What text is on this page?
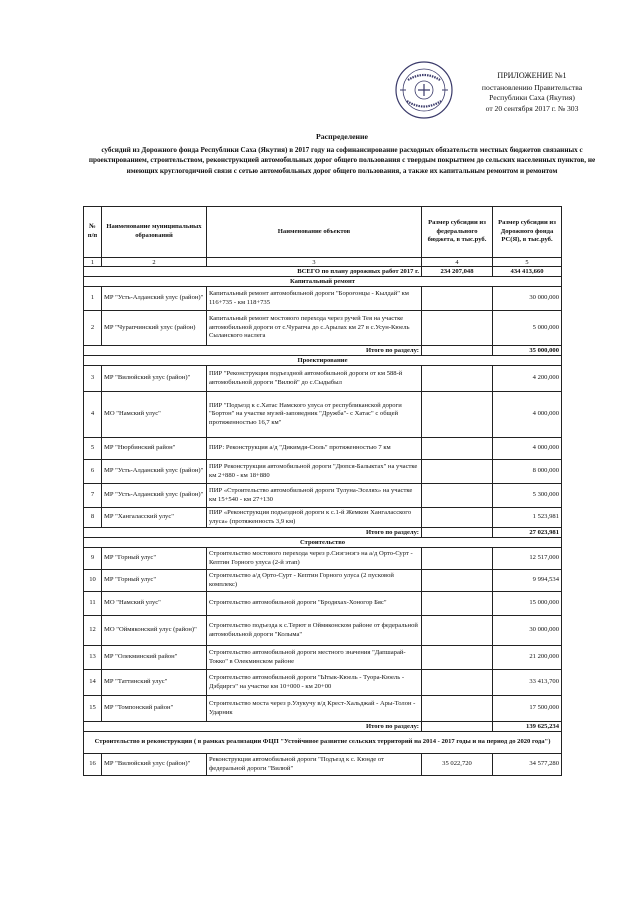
ПРИЛОЖЕНИЕ №1
постановлению Правительства
Республики Саха (Якутия)
от 20 сентября 2017 г. № 303
Распределение
субсидий из Дорожного фонда Республики Саха (Якутия) в 2017 году на софинансирование расходных обязательств местных бюджетов связанных с проектированием, строительством, реконструкцией автомобильных дорог общего пользования с твердым покрытием до сельских населенных пунктов, не имеющих круглогодичной связи с сетью автомобильных дорог общего пользования, а также их капитальным ремонтом и ремонтом
№ п/п	Наименование муниципальных образований	Наименование объектов	Размер субсидии из федерального бюджета, в тыс.руб.	Размер субсидии из Дорожного фонда РС(Я), в тыс.руб.
1	2	3	4	5
ВСЕГО по плану дорожных работ 2017 г.			234 207,048	434 413,660
Капитальный ремонт				
1	МР "Усть-Алданский улус (район)"	Капитальный ремонт автомобильной дороги "Бороғонцы - Кылдай" км 116+735 - км 118+735		30 000,000
2	МР "Чурапчинский улус (район)	Капитальный ремонт мостового перехода через ручей Тея на участке автомобильной дороги от с.Чурапча до с.Арылах км 27 в с.Усун-Кюель Сыланского наслега		5 000,000
Итого по разделу:				35 000,000
Проектирование				
3	МР "Вилюйский улус (район)"	ПИР "Реконструкция подъездной автомобильной дороги от км 588-й автомобильной дороги "Вилюй" до с.Сыдыбыл		4 200,000
4	МО "Намский улус"	ПИР "Подъезд к с.Хатас Намского улуса от республиканской дороги "Бортон" на участке музей-заповедник "Дружба"- с Хатас" с общей протяженностью 16,7 км"		4 000,000
5	МР "Нюрбинский район"	ПИР: Реконструкция а/д "Дикимдя-Сюль" протяженностью 7 км		4 000,000
6	МР "Усть-Алданский улус (район)"	ПИР Реконструкция автомобильной дороги "Дюпся-Балыктах" на участке км 2+880 - км 18+880		8 000,000
7	МР "Усть-Алданский улус (район)"	ПИР «Строительство автомобильной дороги Тулуна-Эселях» на участке км 15+540 - км 27+130		5 300,000
8	МР "Хангаласский улус"	ПИР «Реконструкция подъездной дороги к с.1-й Жемкон Хангаласского улуса» (протяженность 3,9 км)		1 523,981
Итого по разделу:				27 023,981
Строительство				
9	МР "Горный улус"	Строительство мостового перехода через р.Сиэгэнэгэ на а/д Орто-Сурт - Кептин Горного улуса (2-й этап)		12 517,000
10	МР "Горный улус"	Строительство а/д Орто-Сурт - Кептин Горного улуса (2 пусковой комплекс)		9 994,534
11	МО "Намский улус"	Строительство автомобильной дороги "Бродяхах-Хоногор Бяс"		15 000,000
12	МО "Оймяконский улус (район)"	Строительство подъезда к с.Терют в Оймяконском районе от федеральной автомобильной дороги "Колыма"		30 000,000
13	МР "Олекминский район"	Строительство автомобильной дороги местного значения "Дапшарай-Токко" в Олекминском районе		21 200,000
14	МР "Таттинский улус"	Строительство автомобильной дороги "Ытык-Кюель - Туора-Кюель - Дэбдиргэ" на участке км 10+000 - км 20+00		33 413,700
15	МР "Томпонский район"	Строительство моста через р.Улукучу в/д Крест-Хальджай - Ары-Толон - Ударник		17 500,000
Итого по разделу:				139 625,234
Строительство и реконструкция ( в рамках реализации ФЦП "Устойчивое развитие сельских территорий на 2014 - 2017 годы и на период до 2020 года")				
16	МР "Вилюйский улус (район)"	Реконструкция автомобильной дороги "Подъезд к с. Кюнде от федеральной дороги "Вилюй"	35 022,720	34 577,280
